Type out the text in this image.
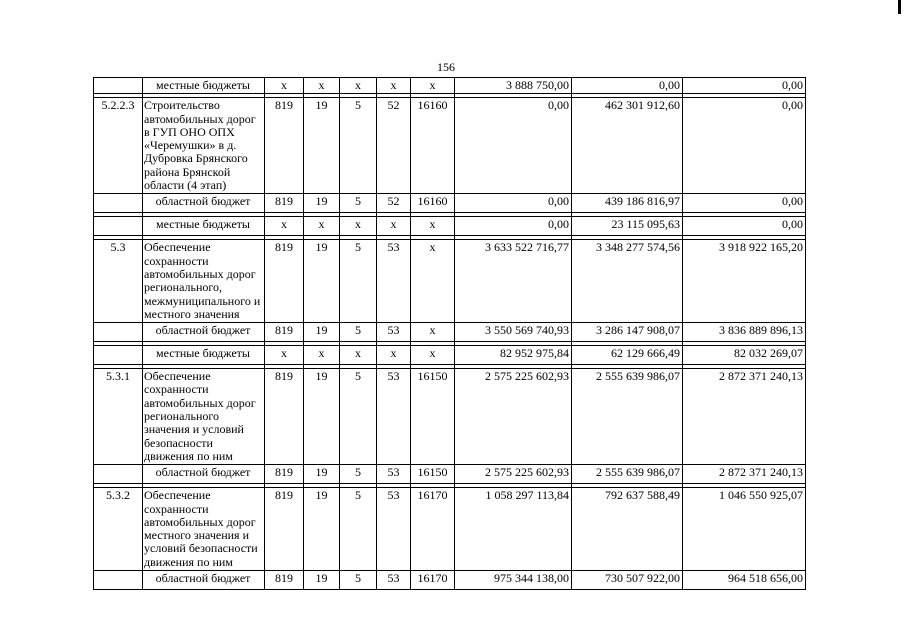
156
	местные бюджеты	х	х	х	х	х	3 888 750,00	0,00	0,00

5.2.2.3	Строительство автомобильных дорог в ГУП ОНО ОПХ «Черемушки» в д. Дубровка Брянского района Брянской области (4 этап)	819	19	5	52	16160	0,00	462 301 912,60	0,00
	областной бюджет	819	19	5	52	16160	0,00	439 186 816,97	0,00

	местные бюджеты	х	х	х	х	х	0,00	23 115 095,63	0,00

5.3	Обеспечение сохранности автомобильных дорог регионального, межмуниципального и местного значения	819	19	5	53	х	3 633 522 716,77	3 348 277 574,56	3 918 922 165,20
	областной бюджет	819	19	5	53	х	3 550 569 740,93	3 286 147 908,07	3 836 889 896,13

	местные бюджеты	х	х	х	х	х	82 952 975,84	62 129 666,49	82 032 269,07

5.3.1	Обеспечение сохранности автомобильных дорог регионального значения и условий безопасности движения по ним	819	19	5	53	16150	2 575 225 602,93	2 555 639 986,07	2 872 371 240,13
	областной бюджет	819	19	5	53	16150	2 575 225 602,93	2 555 639 986,07	2 872 371 240,13

5.3.2	Обеспечение сохранности автомобильных дорог местного значения и условий безопасности движения по ним	819	19	5	53	16170	1 058 297 113,84	792 637 588,49	1 046 550 925,07
	областной бюджет	819	19	5	53	16170	975 344 138,00	730 507 922,00	964 518 656,00
